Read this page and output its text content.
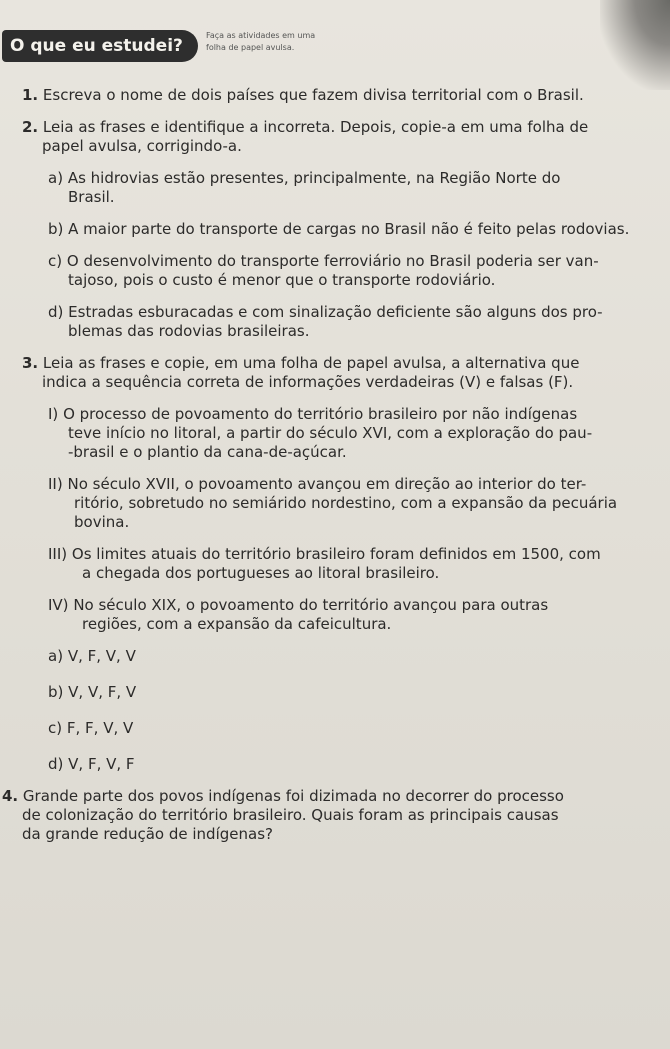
O que eu estudei?
Faça as atividades em uma
folha de papel avulsa.
1. Escreva o nome de dois países que fazem divisa territorial com o Brasil.
2. Leia as frases e identifique a incorreta. Depois, copie-a em uma folha de
papel avulsa, corrigindo-a.
a) As hidrovias estão presentes, principalmente, na Região Norte do
Brasil.
b) A maior parte do transporte de cargas no Brasil não é feito pelas rodovias.
c) O desenvolvimento do transporte ferroviário no Brasil poderia ser van-
tajoso, pois o custo é menor que o transporte rodoviário.
d) Estradas esburacadas e com sinalização deficiente são alguns dos pro-
blemas das rodovias brasileiras.
3. Leia as frases e copie, em uma folha de papel avulsa, a alternativa que
indica a sequência correta de informações verdadeiras (V) e falsas (F).
I) O processo de povoamento do território brasileiro por não indígenas
teve início no litoral, a partir do século XVI, com a exploração do pau-
-brasil e o plantio da cana-de-açúcar.
II) No século XVII, o povoamento avançou em direção ao interior do ter-
ritório, sobretudo no semiárido nordestino, com a expansão da pecuária
bovina.
III) Os limites atuais do território brasileiro foram definidos em 1500, com
a chegada dos portugueses ao litoral brasileiro.
IV) No século XIX, o povoamento do território avançou para outras
regiões, com a expansão da cafeicultura.
a) V, F, V, V
b) V, V, F, V
c) F, F, V, V
d) V, F, V, F
4. Grande parte dos povos indígenas foi dizimada no decorrer do processo
de colonização do território brasileiro. Quais foram as principais causas
da grande redução de indígenas?
